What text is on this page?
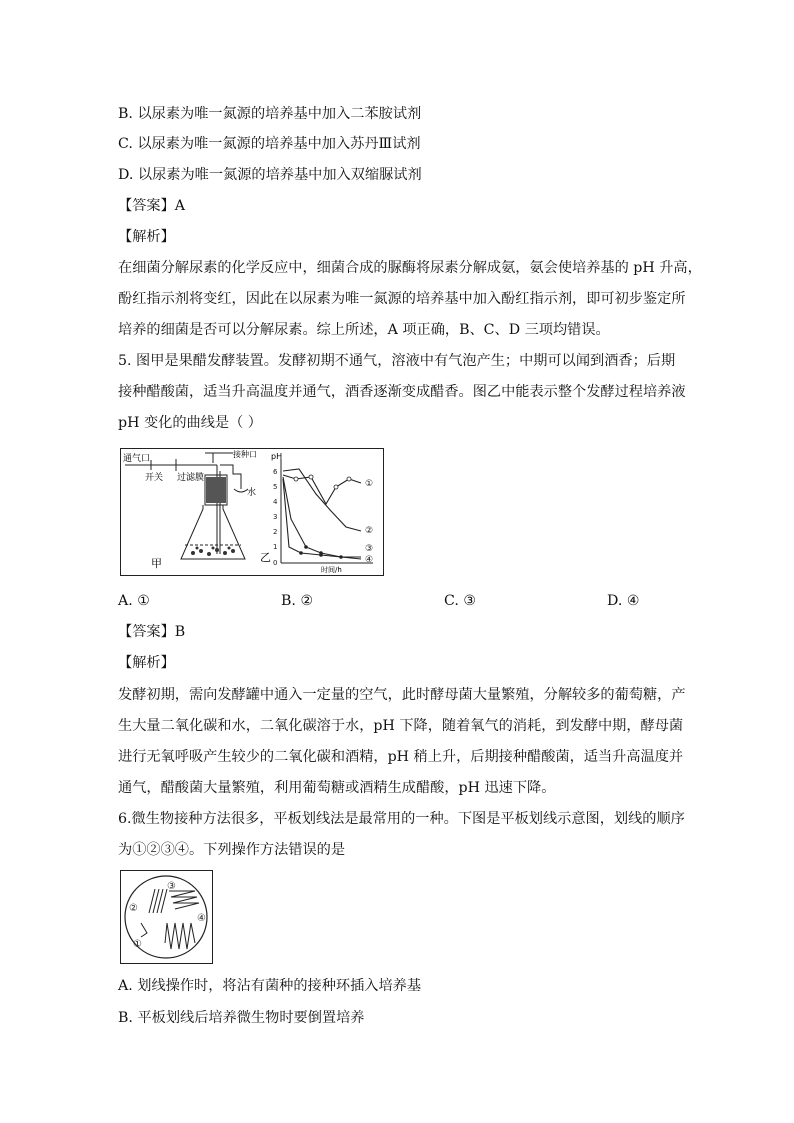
B. 以尿素为唯一氮源的培养基中加入二苯胺试剂
C. 以尿素为唯一氮源的培养基中加入苏丹Ⅲ试剂
D. 以尿素为唯一氮源的培养基中加入双缩脲试剂
【答案】A
【解析】
在细菌分解尿素的化学反应中，细菌合成的脲酶将尿素分解成氨，氨会使培养基的 pH 升高，
酚红指示剂将变红，因此在以尿素为唯一氮源的培养基中加入酚红指示剂，即可初步鉴定所
培养的细菌是否可以分解尿素。综上所述，A 项正确，B、C、D 三项均错误。
5. 图甲是果醋发酵装置。发酵初期不通气，溶液中有气泡产生；中期可以闻到酒香；后期
接种醋酸菌，适当升高温度并通气，酒香逐渐变成醋香。图乙中能表示整个发酵过程培养液
pH 变化的曲线是（ ）
通气口
开关 过滤膜
接种口
水
甲
pH
6
5
4
3
2
1
0
①
②
③
④
时间/h
乙
A. ①	B. ②	C. ③	D. ④
【答案】B
【解析】
发酵初期，需向发酵罐中通入一定量的空气，此时酵母菌大量繁殖，分解较多的葡萄糖，产
生大量二氧化碳和水，二氧化碳溶于水，pH 下降，随着氧气的消耗，到发酵中期，酵母菌
进行无氧呼吸产生较少的二氧化碳和酒精，pH 稍上升，后期接种醋酸菌，适当升高温度并
通气，醋酸菌大量繁殖，利用葡萄糖或酒精生成醋酸，pH 迅速下降。
6.微生物接种方法很多，平板划线法是最常用的一种。下图是平板划线示意图，划线的顺序
为①②③④。下列操作方法错误的是
①
②
③
④
A. 划线操作时，将沾有菌种的接种环插入培养基
B. 平板划线后培养微生物时要倒置培养
